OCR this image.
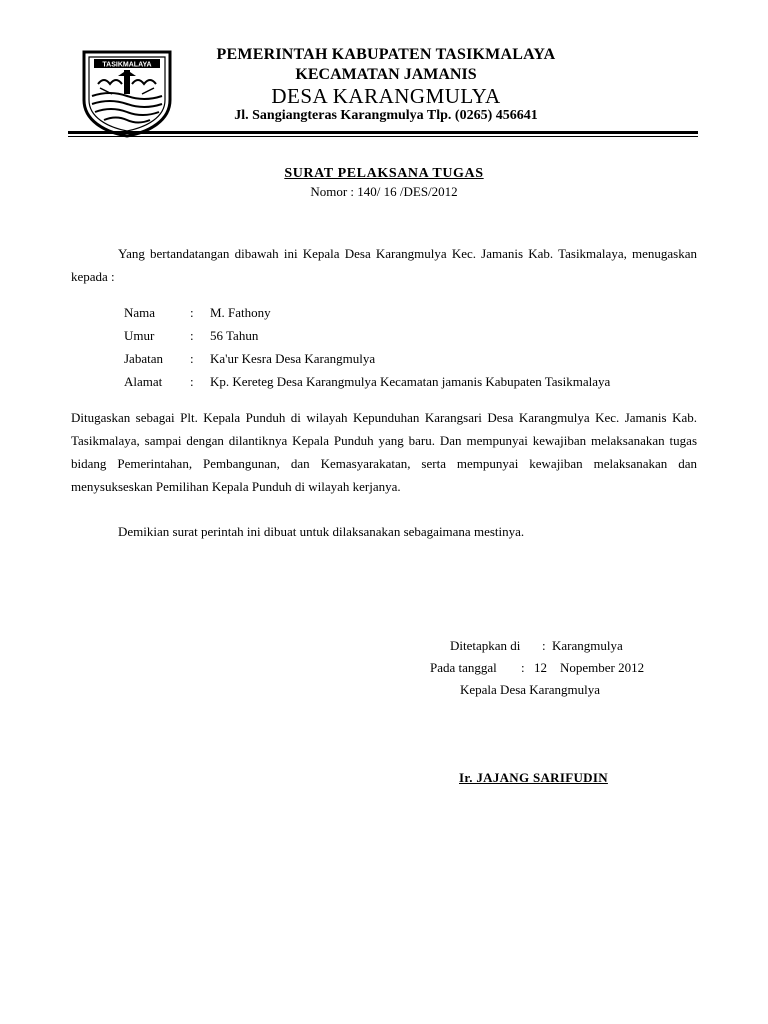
TASIKMALAYA
PEMERINTAH KABUPATEN TASIKMALAYA
KECAMATAN JAMANIS
DESA KARANGMULYA
Jl. Sangiangteras Karangmulya Tlp. (0265) 456641
SURAT PELAKSANA TUGAS
Nomor : 140/ 16 /DES/2012
Yang bertandatangan dibawah ini Kepala Desa Karangmulya Kec. Jamanis Kab. Tasikmalaya, menugaskan kepada :
Nama	:	M. Fathony
Umur	:	56 Tahun
Jabatan	:	Ka'ur Kesra Desa Karangmulya
Alamat	:	Kp. Kereteg Desa Karangmulya Kecamatan jamanis Kabupaten Tasikmalaya
Ditugaskan sebagai Plt. Kepala Punduh di wilayah Kepunduhan Karangsari Desa Karangmulya Kec. Jamanis Kab. Tasikmalaya, sampai dengan dilantiknya Kepala Punduh yang baru. Dan mempunyai kewajiban melaksanakan tugas bidang Pemerintahan, Pembangunan, dan Kemasyarakatan, serta mempunyai kewajiban melaksanakan dan menysukseskan Pemilihan Kepala Punduh di wilayah kerjanya.
Demikian surat perintah ini dibuat untuk dilaksanakan sebagaimana mestinya.
Ditetapkan di : Karangmulya
Pada tanggal : 12    Nopember 2012
Kepala Desa Karangmulya
Ir. JAJANG SARIFUDIN
